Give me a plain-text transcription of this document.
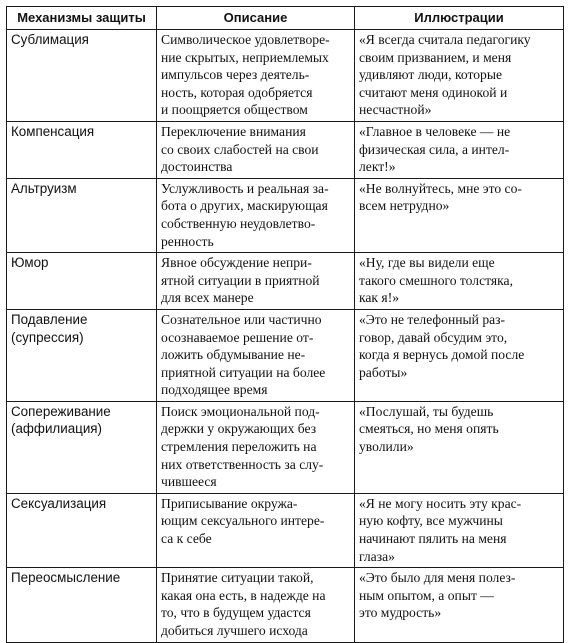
Механизмы защиты	Описание	Иллюстрации
Сублимация	Символическое удовлетворе-
ние скрытых, неприемлемых
импульсов через деятель-
ность, которая одобряется
и поощряется обществом	«Я всегда считала педагогику
своим призванием, и меня
удивляют люди, которые
считают меня одинокой и
несчастной»
Компенсация	Переключение внимания
со своих слабостей на свои
достоинства	«Главное в человеке — не
физическая сила, а интел-
лект!»
Альтруизм	Услужливость и реальная за-
бота о других, маскирующая
собственную неудовлетво-
ренность	«Не волнуйтесь, мне это со-
всем нетрудно»
Юмор	Явное обсуждение непри-
ятной ситуации в приятной
для всех манере	«Ну, где вы видели еще
такого смешного толстяка,
как я!»
Подавление
(супрессия)	Сознательное или частично
осознаваемое решение от-
ложить обдумывание не-
приятной ситуации на более
подходящее время	«Это не телефонный раз-
говор, давай обсудим это,
когда я вернусь домой после
работы»
Сопереживание
(аффилиация)	Поиск эмоциональной под-
держки у окружающих без
стремления переложить на
них ответственность за слу-
чившееся	«Послушай, ты будешь
смеяться, но меня опять
уволили»
Сексуализация	Приписывание окружа-
ющим сексуального интере-
са к себе	«Я не могу носить эту крас-
ную кофту, все мужчины
начинают пялить на меня
глаза»
Переосмысление	Принятие ситуации такой,
какая она есть, в надежде на
то, что в будущем удастся
добиться лучшего исхода	«Это было для меня полез-
ным опытом, а опыт —
это мудрость»
